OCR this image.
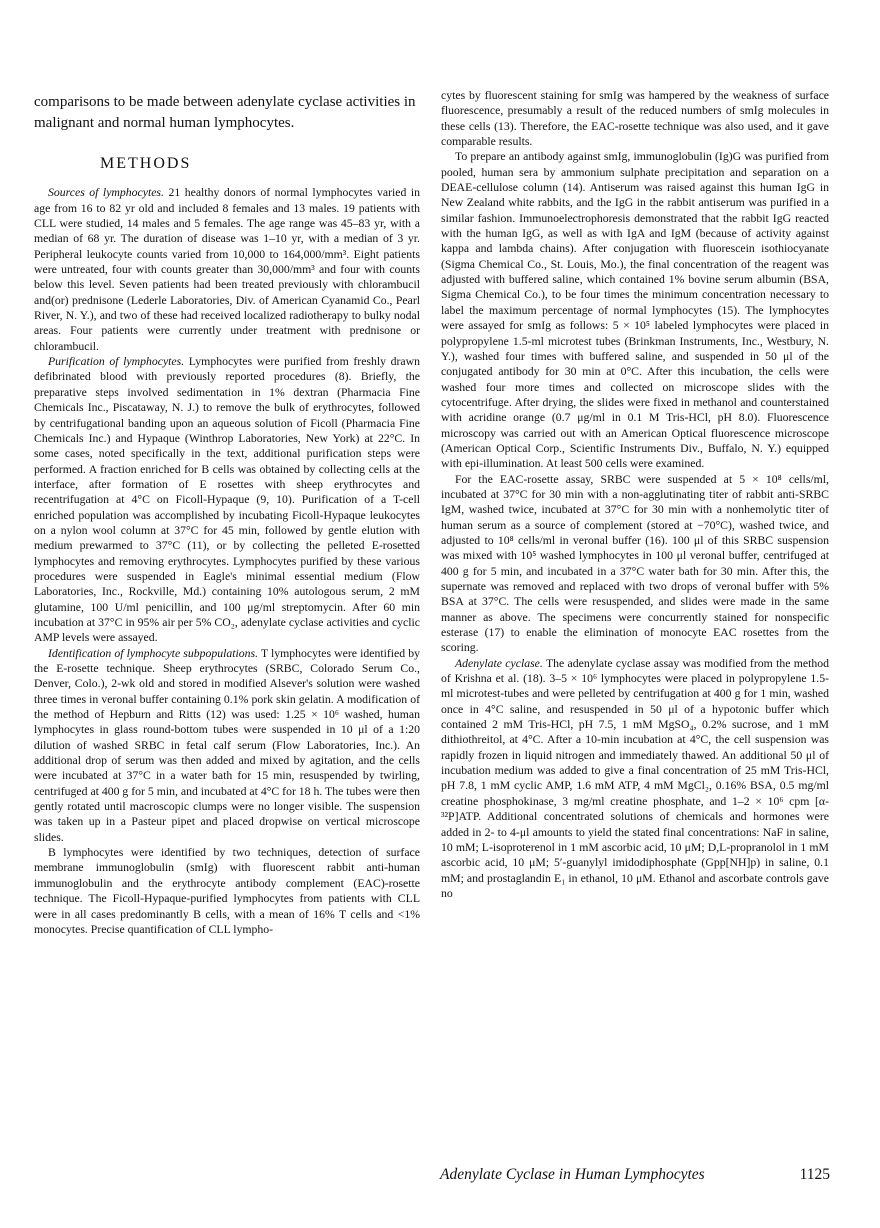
comparisons to be made between adenylate cyclase activities in malignant and normal human lymphocytes.
METHODS

Sources of lymphocytes. 21 healthy donors of normal lymphocytes varied in age from 16 to 82 yr old and included 8 females and 13 males. 19 patients with CLL were studied, 14 males and 5 females. The age range was 45–83 yr, with a median of 68 yr. The duration of disease was 1–10 yr, with a median of 3 yr. Peripheral leukocyte counts varied from 10,000 to 164,000/mm³. Eight patients were untreated, four with counts greater than 30,000/mm³ and four with counts below this level. Seven patients had been treated previously with chlorambucil and(or) prednisone (Lederle Laboratories, Div. of American Cyanamid Co., Pearl River, N. Y.), and two of these had received localized radiotherapy to bulky nodal areas. Four patients were currently under treatment with prednisone or chlorambucil.

Purification of lymphocytes. Lymphocytes were purified from freshly drawn defibrinated blood with previously reported procedures (8). Briefly, the preparative steps involved sedimentation in 1% dextran (Pharmacia Fine Chemicals Inc., Piscataway, N. J.) to remove the bulk of erythrocytes, followed by centrifugational banding upon an aqueous solution of Ficoll (Pharmacia Fine Chemicals Inc.) and Hypaque (Winthrop Laboratories, New York) at 22°C. In some cases, noted specifically in the text, additional purification steps were performed. A fraction enriched for B cells was obtained by collecting cells at the interface, after formation of E rosettes with sheep erythrocytes and recentrifugation at 4°C on Ficoll-Hypaque (9, 10). Purification of a T-cell enriched population was accomplished by incubating Ficoll-Hypaque leukocytes on a nylon wool column at 37°C for 45 min, followed by gentle elution with medium prewarmed to 37°C (11), or by collecting the pelleted E-rosetted lymphocytes and removing erythrocytes. Lymphocytes purified by these various procedures were suspended in Eagle's minimal essential medium (Flow Laboratories, Inc., Rockville, Md.) containing 10% autologous serum, 2 mM glutamine, 100 U/ml penicillin, and 100 μg/ml streptomycin. After 60 min incubation at 37°C in 95% air per 5% CO₂, adenylate cyclase activities and cyclic AMP levels were assayed.

Identification of lymphocyte subpopulations. T lymphocytes were identified by the E-rosette technique. Sheep erythrocytes (SRBC, Colorado Serum Co., Denver, Colo.), 2-wk old and stored in modified Alsever's solution were washed three times in veronal buffer containing 0.1% pork skin gelatin. A modification of the method of Hepburn and Ritts (12) was used: 1.25 × 10⁶ washed, human lymphocytes in glass round-bottom tubes were suspended in 10 μl of a 1:20 dilution of washed SRBC in fetal calf serum (Flow Laboratories, Inc.). An additional drop of serum was then added and mixed by agitation, and the cells were incubated at 37°C in a water bath for 15 min, resuspended by twirling, centrifuged at 400 g for 5 min, and incubated at 4°C for 18 h. The tubes were then gently rotated until macroscopic clumps were no longer visible. The suspension was taken up in a Pasteur pipet and placed dropwise on vertical microscope slides.

B lymphocytes were identified by two techniques, detection of surface membrane immunoglobulin (smIg) with fluorescent rabbit anti-human immunoglobulin and the erythrocyte antibody complement (EAC)-rosette technique. The Ficoll-Hypaque-purified lymphocytes from patients with CLL were in all cases predominantly B cells, with a mean of 16% T cells and <1% monocytes. Precise quantification of CLL lympho-

cytes by fluorescent staining for smIg was hampered by the weakness of surface fluorescence, presumably a result of the reduced numbers of smIg molecules in these cells (13). Therefore, the EAC-rosette technique was also used, and it gave comparable results.

To prepare an antibody against smIg, immunoglobulin (Ig)G was purified from pooled, human sera by ammonium sulphate precipitation and separation on a DEAE-cellulose column (14). Antiserum was raised against this human IgG in New Zealand white rabbits, and the IgG in the rabbit antiserum was purified in a similar fashion. Immunoelectrophoresis demonstrated that the rabbit IgG reacted with the human IgG, as well as with IgA and IgM (because of activity against kappa and lambda chains). After conjugation with fluorescein isothiocyanate (Sigma Chemical Co., St. Louis, Mo.), the final concentration of the reagent was adjusted with buffered saline, which contained 1% bovine serum albumin (BSA, Sigma Chemical Co.), to be four times the minimum concentration necessary to label the maximum percentage of normal lymphocytes (15). The lymphocytes were assayed for smIg as follows: 5 × 10⁵ labeled lymphocytes were placed in polypropylene 1.5-ml microtest tubes (Brinkman Instruments, Inc., Westbury, N. Y.), washed four times with buffered saline, and suspended in 50 μl of the conjugated antibody for 30 min at 0°C. After this incubation, the cells were washed four more times and collected on microscope slides with the cytocentrifuge. After drying, the slides were fixed in methanol and counterstained with acridine orange (0.7 μg/ml in 0.1 M Tris-HCl, pH 8.0). Fluorescence microscopy was carried out with an American Optical fluorescence microscope (American Optical Corp., Scientific Instruments Div., Buffalo, N. Y.) equipped with epi-illumination. At least 500 cells were examined.

For the EAC-rosette assay, SRBC were suspended at 5 × 10⁸ cells/ml, incubated at 37°C for 30 min with a non-agglutinating titer of rabbit anti-SRBC IgM, washed twice, incubated at 37°C for 30 min with a nonhemolytic titer of human serum as a source of complement (stored at −70°C), washed twice, and adjusted to 10⁸ cells/ml in veronal buffer (16). 100 μl of this SRBC suspension was mixed with 10⁵ washed lymphocytes in 100 μl veronal buffer, centrifuged at 400 g for 5 min, and incubated in a 37°C water bath for 30 min. After this, the supernate was removed and replaced with two drops of veronal buffer with 5% BSA at 37°C. The cells were resuspended, and slides were made in the same manner as above. The specimens were concurrently stained for nonspecific esterase (17) to enable the elimination of monocyte EAC rosettes from the scoring.

Adenylate cyclase. The adenylate cyclase assay was modified from the method of Krishna et al. (18). 3–5 × 10⁶ lymphocytes were placed in polypropylene 1.5-ml microtest-tubes and were pelleted by centrifugation at 400 g for 1 min, washed once in 4°C saline, and resuspended in 50 μl of a hypotonic buffer which contained 2 mM Tris-HCl, pH 7.5, 1 mM MgSO₄, 0.2% sucrose, and 1 mM dithiothreitol, at 4°C. After a 10-min incubation at 4°C, the cell suspension was rapidly frozen in liquid nitrogen and immediately thawed. An additional 50 μl of incubation medium was added to give a final concentration of 25 mM Tris-HCl, pH 7.8, 1 mM cyclic AMP, 1.6 mM ATP, 4 mM MgCl₂, 0.16% BSA, 0.5 mg/ml creatine phosphokinase, 3 mg/ml creatine phosphate, and 1–2 × 10⁶ cpm [α-³²P]ATP. Additional concentrated solutions of chemicals and hormones were added in 2- to 4-μl amounts to yield the stated final concentrations: NaF in saline, 10 mM; L-isoproterenol in 1 mM ascorbic acid, 10 μM; D,L-propranolol in 1 mM ascorbic acid, 10 μM; 5′-guanylyl imidodiphosphate (Gpp[NH]p) in saline, 0.1 mM; and prostaglandin E₁ in ethanol, 10 μM. Ethanol and ascorbate controls gave no

Adenylate Cyclase in Human Lymphocytes	1125
